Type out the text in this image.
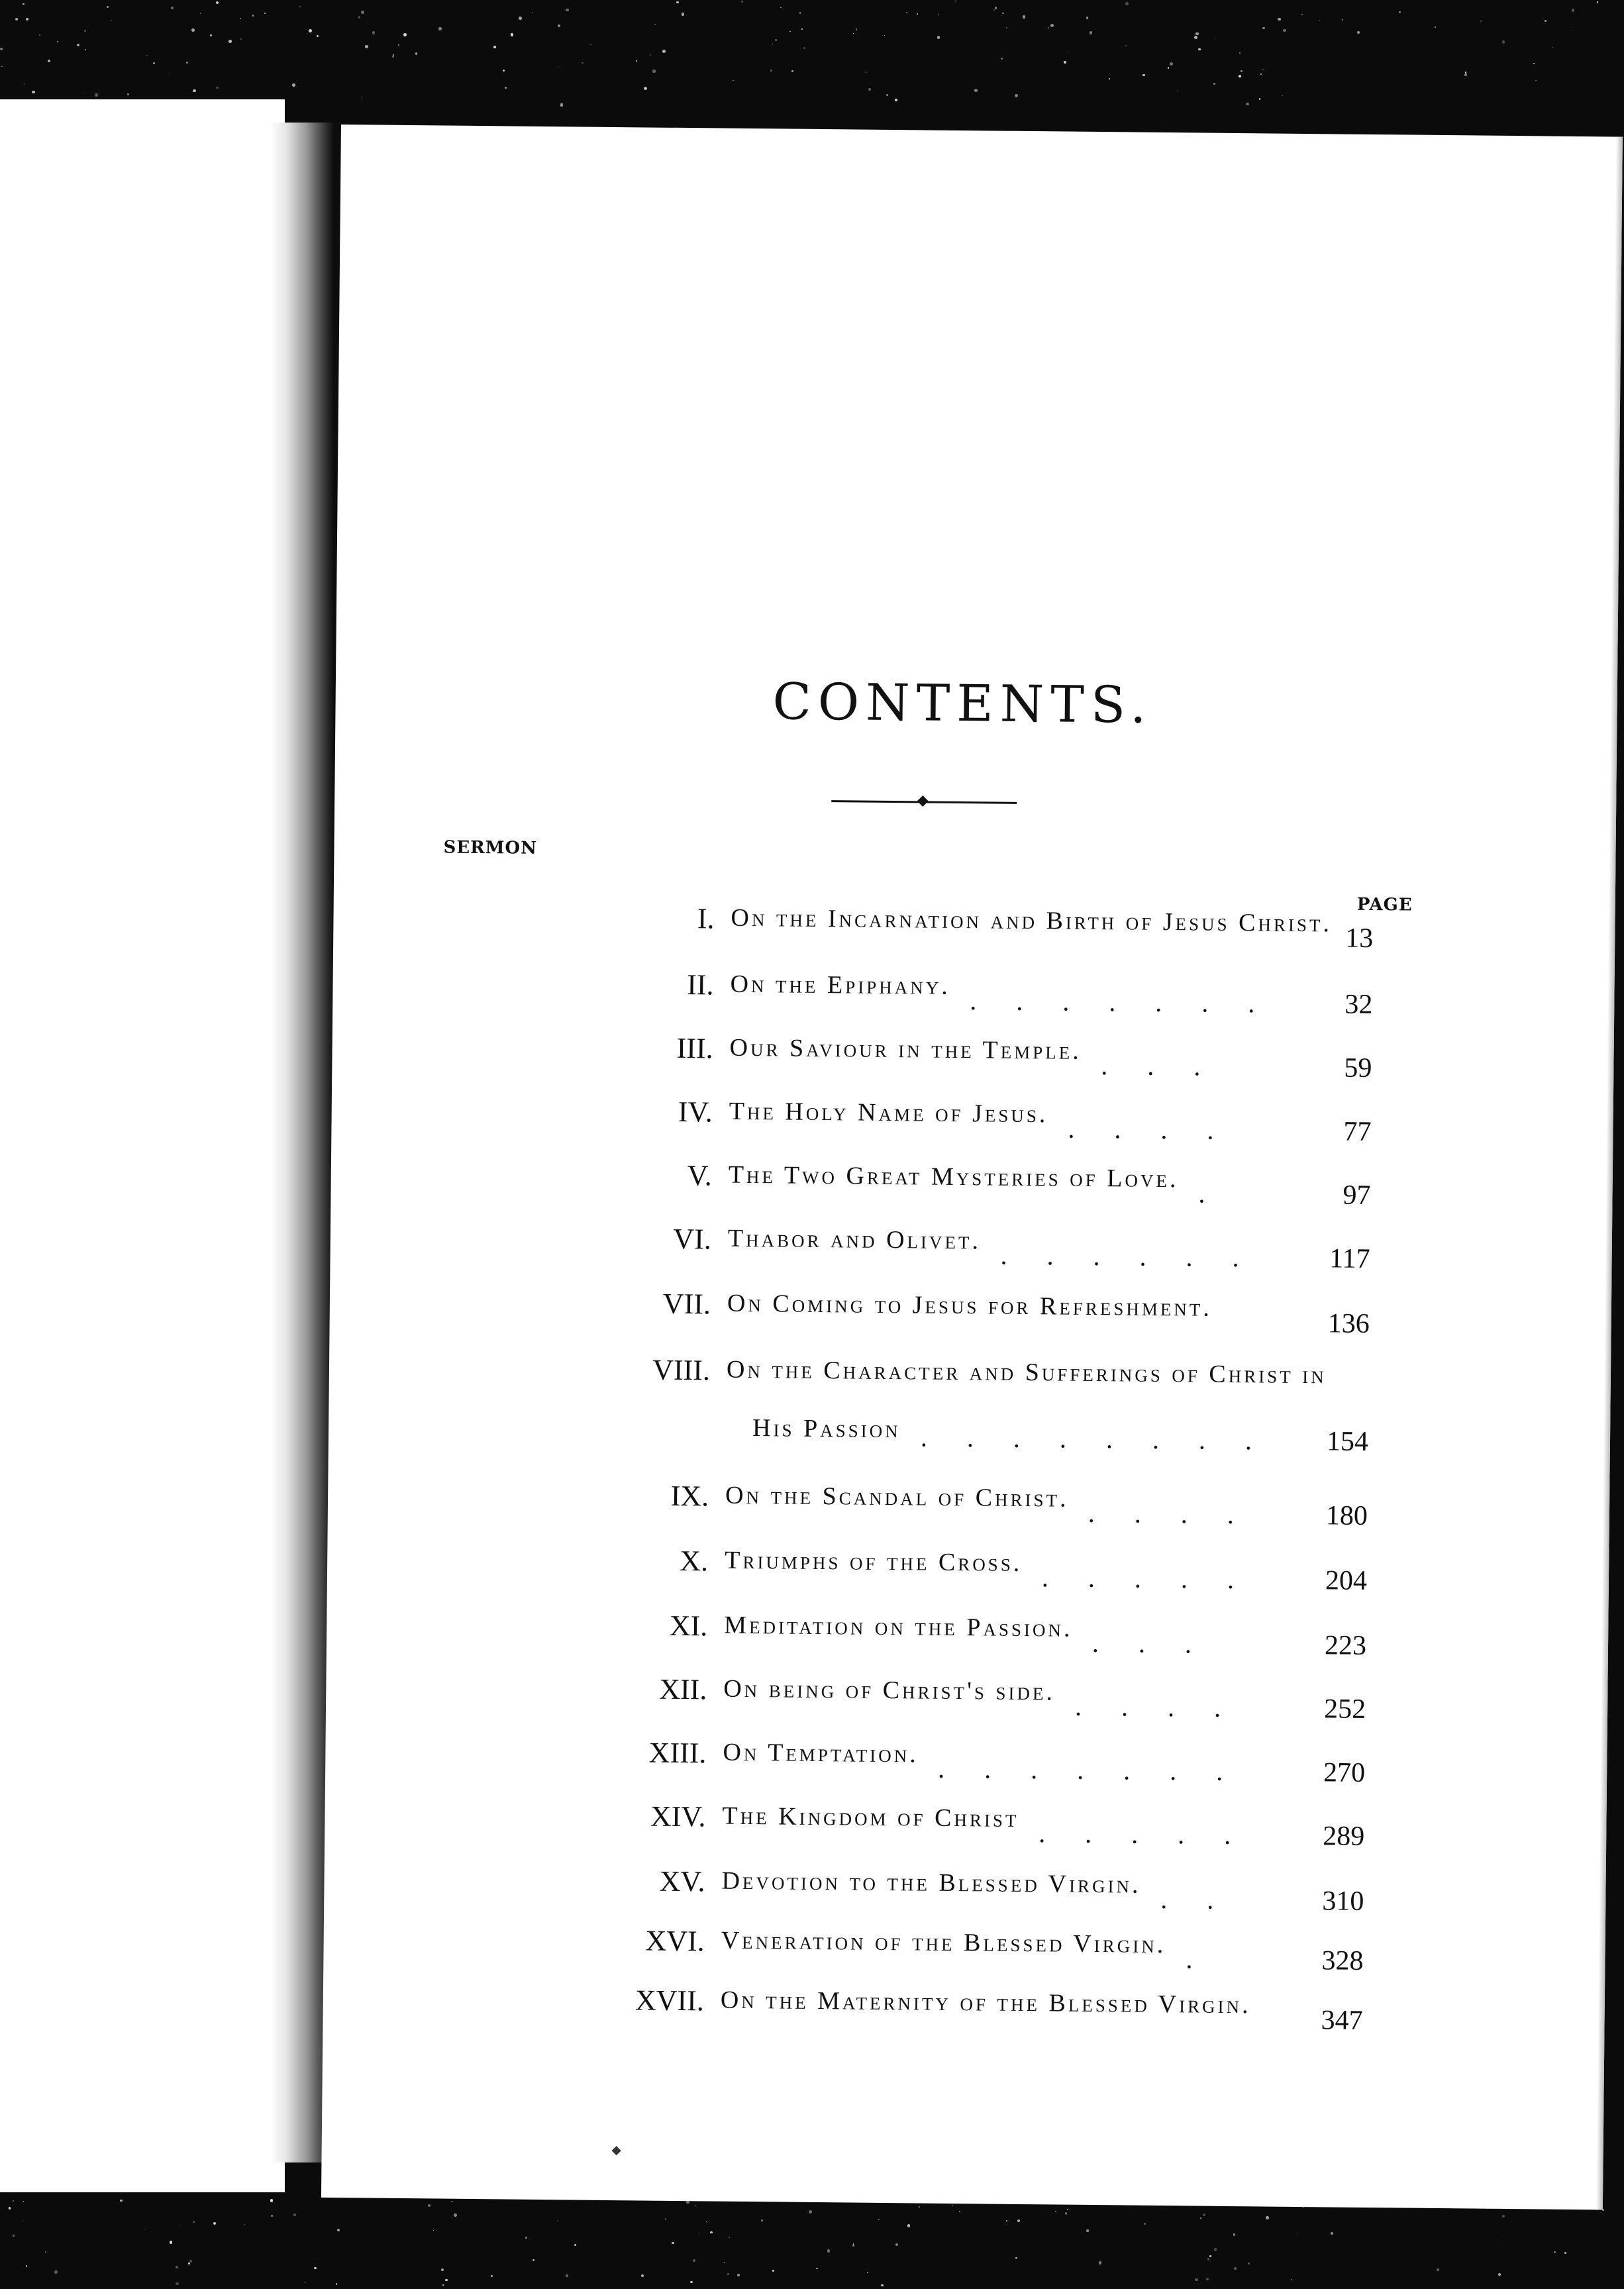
CONTENTS.
SERMON
PAGE
I. On the Incarnation and Birth of Jesus Christ.
13
II. On the Epiphany.
32
.      .      .      .      .      .      .
III. Our Saviour in the Temple.
59
.      .      .
IV. The Holy Name of Jesus.
77
.      .      .      .
V. The Two Great Mysteries of Love.
97
.
VI. Thabor and Olivet.
117
.      .      .      .      .      .
VII. On Coming to Jesus for Refreshment.
136
VIII. On the Character and Sufferings of Christ in
His Passion	154
.      .      .      .      .      .      .      .
IX. On the Scandal of Christ.
180
.      .      .      .
X. Triumphs of the Cross.
204
.      .      .      .      .
XI. Meditation on the Passion.
223
.      .      .
XII. On being of Christ's side.
252
.      .      .      .
XIII. On Temptation.
270
.      .      .      .      .      .      .
XIV. The Kingdom of Christ
289
.      .      .      .      .
XV. Devotion to the Blessed Virgin.
310
.      .
XVI. Veneration of the Blessed Virgin.
328
.
XVII. On the Maternity of the Blessed Virgin.
347
